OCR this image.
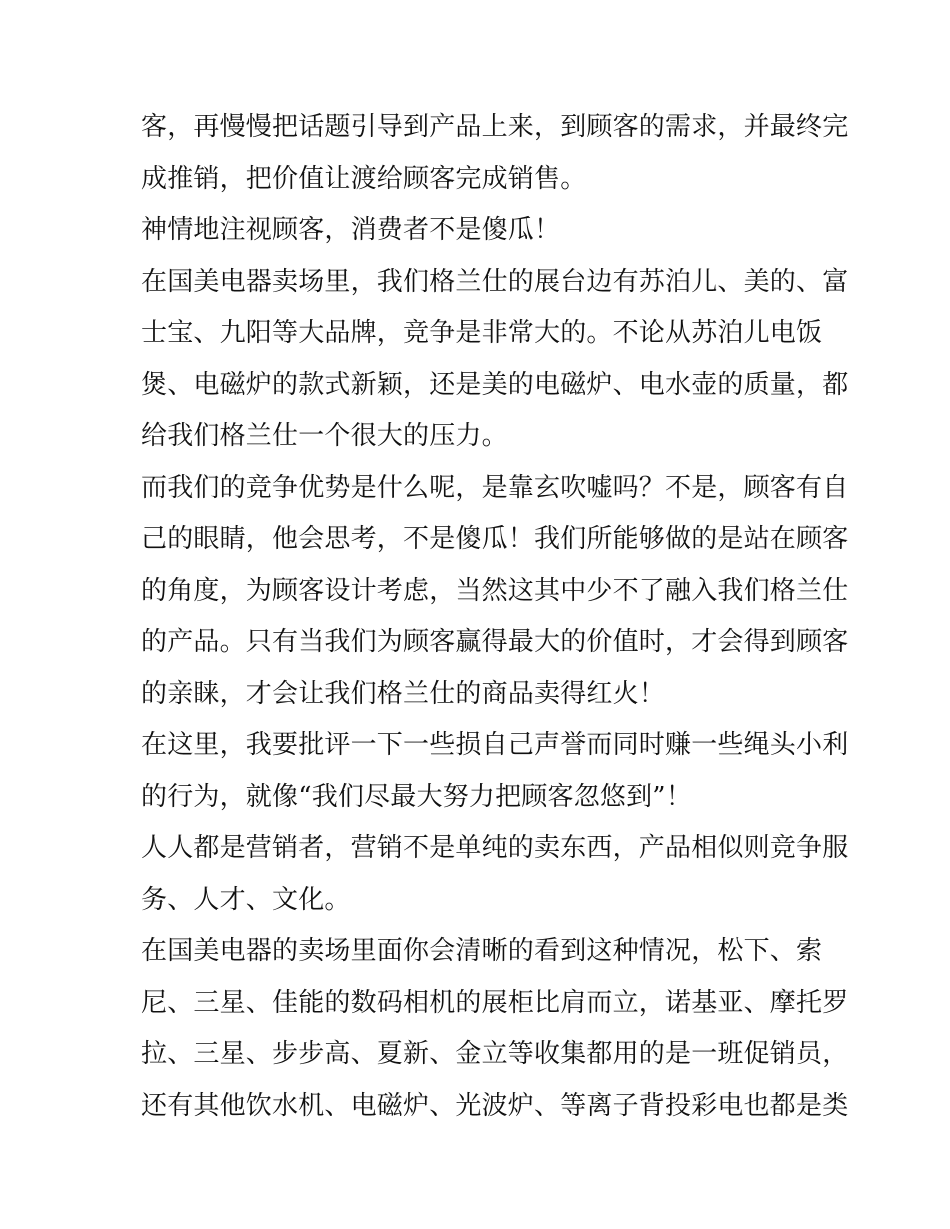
客，再慢慢把话题引导到产品上来，到顾客的需求，并最终完
成推销，把价值让渡给顾客完成销售。
神情地注视顾客，消费者不是傻瓜！
在国美电器卖场里，我们格兰仕的展台边有苏泊儿、美的、富
士宝、九阳等大品牌，竞争是非常大的。不论从苏泊儿电饭
煲、电磁炉的款式新颖，还是美的电磁炉、电水壶的质量，都
给我们格兰仕一个很大的压力。
而我们的竞争优势是什么呢，是靠玄吹嘘吗？不是，顾客有自
己的眼睛，他会思考，不是傻瓜！我们所能够做的是站在顾客
的角度，为顾客设计考虑，当然这其中少不了融入我们格兰仕
的产品。只有当我们为顾客赢得最大的价值时，才会得到顾客
的亲睐，才会让我们格兰仕的商品卖得红火！
在这里，我要批评一下一些损自己声誉而同时赚一些绳头小利
的行为，就像“我们尽最大努力把顾客忽悠到”！
人人都是营销者，营销不是单纯的卖东西，产品相似则竞争服
务、人才、文化。
在国美电器的卖场里面你会清晰的看到这种情况，松下、索
尼、三星、佳能的数码相机的展柜比肩而立，诺基亚、摩托罗
拉、三星、步步高、夏新、金立等收集都用的是一班促销员，
还有其他饮水机、电磁炉、光波炉、等离子背投彩电也都是类
